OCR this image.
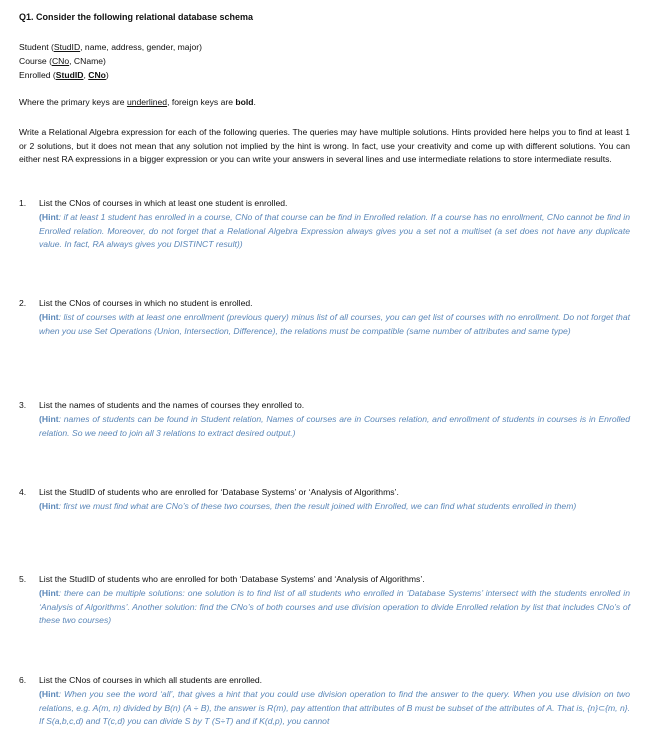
Q1. Consider the following relational database schema
Student (StudID, name, address, gender, major)
Course (CNo, CName)
Enrolled (StudID, CNo)
Where the primary keys are underlined, foreign keys are bold.
Write a Relational Algebra expression for each of the following queries. The queries may have multiple solutions. Hints provided here helps you to find at least 1 or 2 solutions, but it does not mean that any solution not implied by the hint is wrong. In fact, use your creativity and come up with different solutions. You can either nest RA expressions in a bigger expression or you can write your answers in several lines and use intermediate relations to store intermediate results.
1. List the CNos of courses in which at least one student is enrolled.
(Hint: if at least 1 student has enrolled in a course, CNo of that course can be find in Enrolled relation. If a course has no enrollment, CNo cannot be find in Enrolled relation. Moreover, do not forget that a Relational Algebra Expression always gives you a set not a multiset (a set does not have any duplicate value. In fact, RA always gives you DISTINCT result))
2. List the CNos of courses in which no student is enrolled.
(Hint: list of courses with at least one enrollment (previous query) minus list of all courses, you can get list of courses with no enrollment. Do not forget that when you use Set Operations (Union, Intersection, Difference), the relations must be compatible (same number of attributes and same type)
3. List the names of students and the names of courses they enrolled to.
(Hint: names of students can be found in Student relation, Names of courses are in Courses relation, and enrollment of students in courses is in Enrolled relation. So we need to join all 3 relations to extract desired output.)
4. List the StudID of students who are enrolled for ‘Database Systems’ or ‘Analysis of Algorithms’.
(Hint: first we must find what are CNo’s of these two courses, then the result joined with Enrolled, we can find what students enrolled in them)
5. List the StudID of students who are enrolled for both ‘Database Systems’ and ‘Analysis of Algorithms’.
(Hint: there can be multiple solutions: one solution is to find list of all students who enrolled in ‘Database Systems’ intersect with the students enrolled in ‘Analysis of Algorithms’. Another solution: find the CNo’s of both courses and use division operation to divide Enrolled relation by list that includes CNo’s of these two courses)
6. List the CNos of courses in which all students are enrolled.
(Hint: When you see the word ‘all’, that gives a hint that you could use division operation to find the answer to the query. When you use division on two relations, e.g. A(m, n) divided by B(n) (A ÷ B), the answer is R(m), pay attention that attributes of B must be subset of the attributes of A. That is, {n}⊂{m, n}. If S(a,b,c,d) and T(c,d) you can divide S by T (S÷T) and if K(d,p), you cannot
